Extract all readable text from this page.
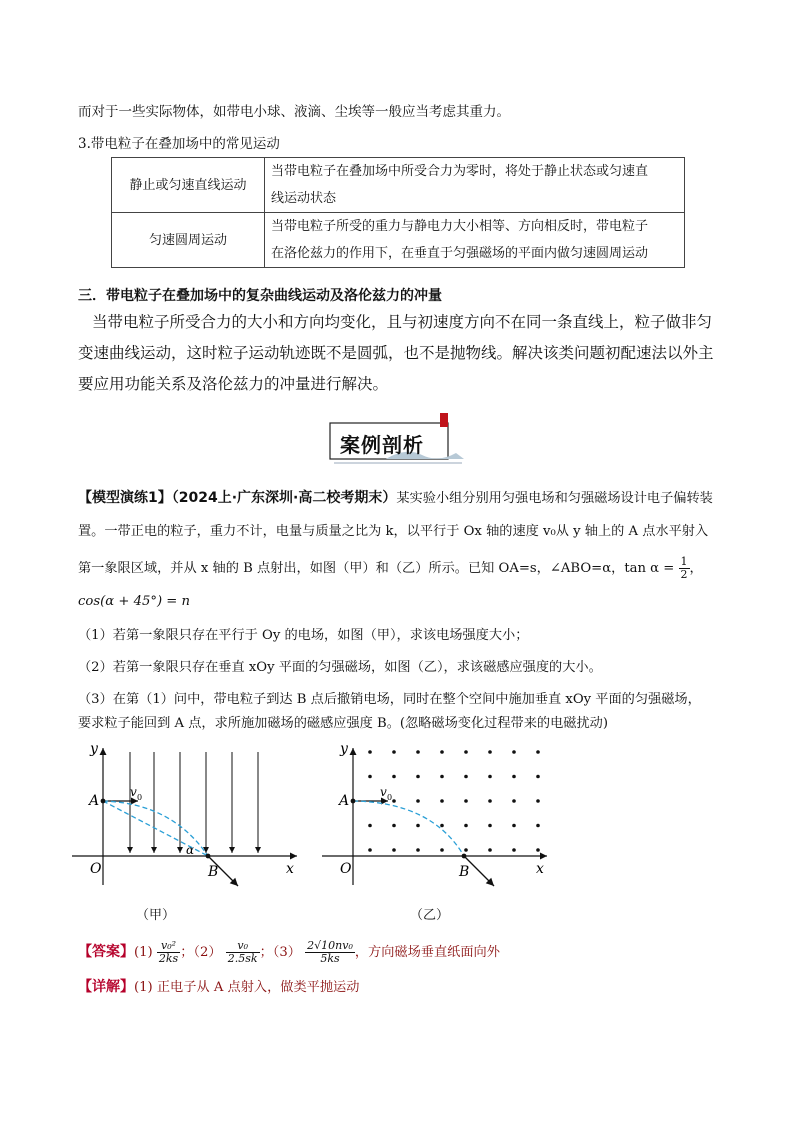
而对于一些实际物体，如带电小球、液滴、尘埃等一般应当考虑其重力。
3.带电粒子在叠加场中的常见运动
静止或匀速直线运动	当带电粒子在叠加场中所受合力为零时，将处于静止状态或匀速直
线运动状态

匀速圆周运动	当带电粒子所受的重力与静电力大小相等、方向相反时，带电粒子
在洛伦兹力的作用下，在垂直于匀强磁场的平面内做匀速圆周运动
三．带电粒子在叠加场中的复杂曲线运动及洛伦兹力的冲量
当带电粒子所受合力的大小和方向均变化，且与初速度方向不在同一条直线上，粒子做非匀
变速曲线运动，这时粒子运动轨迹既不是圆弧，也不是抛物线。解决该类问题初配速法以外主
要应用功能关系及洛伦兹力的冲量进行解决。
案例剖析
【模型演练1】（2024上·广东深圳·高二校考期末）某实验小组分别用匀强电场和匀强磁场设计电子偏转装
置。一带正电的粒子，重力不计，电量与质量之比为 k，以平行于 Ox 轴的速度 v₀从 y 轴上的 A 点水平射入
第一象限区域，并从 x 轴的 B 点射出，如图（甲）和（乙）所示。已知 OA=s，∠ABO=α，$\tan \alpha = \frac{1}{2}$ ，
cos(α + 45°) = n
（1）若第一象限只存在平行于 Oy 的电场，如图（甲），求该电场强度大小；
（2）若第一象限只存在垂直 xOy 平面的匀强磁场，如图（乙），求该磁感应强度的大小。
（3）在第（1）问中，带电粒子到达 B 点后撤销电场，同时在整个空间中施加垂直 xOy 平面的匀强磁场，
要求粒子能回到 A 点，求所施加磁场的磁感应强度 B。(忽略磁场变化过程带来的电磁扰动)
y
x
O
A
B
v 0
α
（甲）
y
x
O
A
B
v 0
（乙）
【答案】$(1) \frac{\text{v₀²}}{2ks}$ ；$(2) \frac{\text{v₀}}{2.5sk}$ ；$(3) \frac{\text{2√10nv₀}}{5ks}$ ，方向磁场垂直纸面向外
【详解】(1) 正电子从 A 点射入，做类平抛运动
